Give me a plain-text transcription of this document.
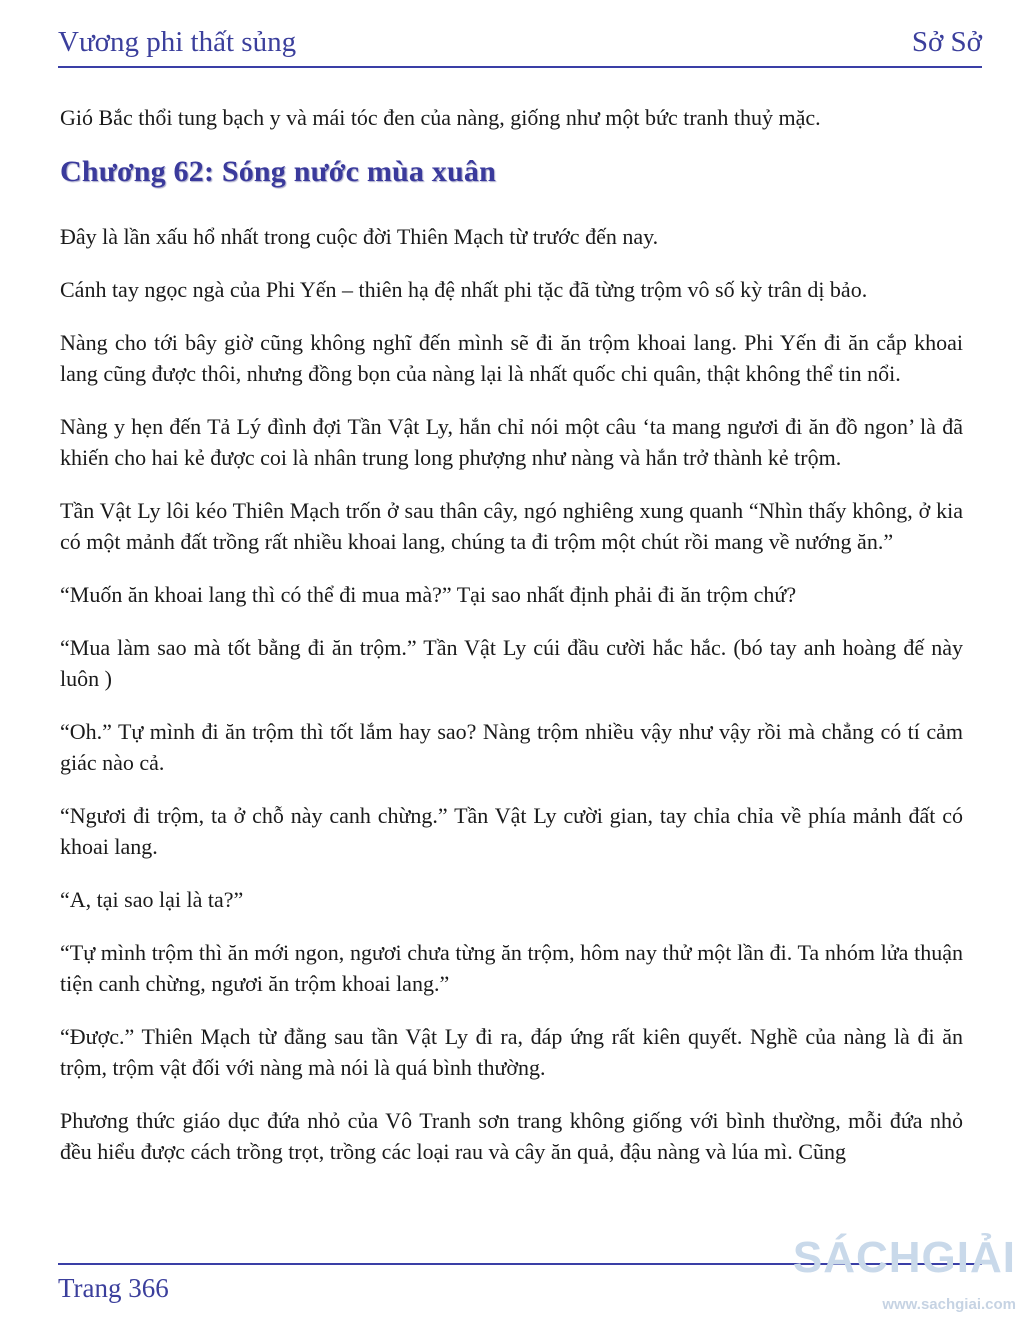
Vương phi thất sủng	Sở Sở

Gió Bắc thổi tung bạch y và mái tóc đen của nàng, giống như một bức tranh thuỷ mặc.

Chương 62: Sóng nước mùa xuân

Đây là lần xấu hổ nhất trong cuộc đời Thiên Mạch từ trước đến nay.

Cánh tay ngọc ngà của Phi Yến – thiên hạ đệ nhất phi tặc đã từng trộm vô số kỳ trân dị bảo.

Nàng cho tới bây giờ cũng không nghĩ đến mình sẽ đi ăn trộm khoai lang. Phi Yến đi ăn cắp khoai lang cũng được thôi, nhưng đồng bọn của nàng lại là nhất quốc chi quân, thật không thể tin nổi.

Nàng y hẹn đến Tả Lý đình đợi Tần Vật Ly, hắn chỉ nói một câu ‘ta mang ngươi đi ăn đồ ngon’ là đã khiến cho hai kẻ được coi là nhân trung long phượng như nàng và hắn trở thành kẻ trộm.

Tần Vật Ly lôi kéo Thiên Mạch trốn ở sau thân cây, ngó nghiêng xung quanh “Nhìn thấy không, ở kia có một mảnh đất trồng rất nhiều khoai lang, chúng ta đi trộm một chút rồi mang về nướng ăn.”

“Muốn ăn khoai lang thì có thể đi mua mà?” Tại sao nhất định phải đi ăn trộm chứ?

“Mua làm sao mà tốt bằng đi ăn trộm.” Tần Vật Ly cúi đầu cười hắc hắc. (bó tay anh hoàng đế này luôn )

“Oh.” Tự mình đi ăn trộm thì tốt lắm hay sao? Nàng trộm nhiều vậy như vậy rồi mà chẳng có tí cảm giác nào cả.

“Ngươi đi trộm, ta ở chỗ này canh chừng.” Tần Vật Ly cười gian, tay chỉa chỉa về phía mảnh đất có khoai lang.

“A, tại sao lại là ta?”

“Tự mình trộm thì ăn mới ngon, ngươi chưa từng ăn trộm, hôm nay thử một lần đi. Ta nhóm lửa thuận tiện canh chừng, ngươi ăn trộm khoai lang.”

“Được.” Thiên Mạch từ đằng sau tần Vật Ly đi ra, đáp ứng rất kiên quyết. Nghề của nàng là đi ăn trộm, trộm vật đối với nàng mà nói là quá bình thường.

Phương thức giáo dục đứa nhỏ của Vô Tranh sơn trang không giống với bình thường, mỗi đứa nhỏ đều hiểu được cách trồng trọt, trồng các loại rau và cây ăn quả, đậu nàng và lúa mì. Cũng

Trang 366
SÁCHGIẢI
www.sachgiai.com
